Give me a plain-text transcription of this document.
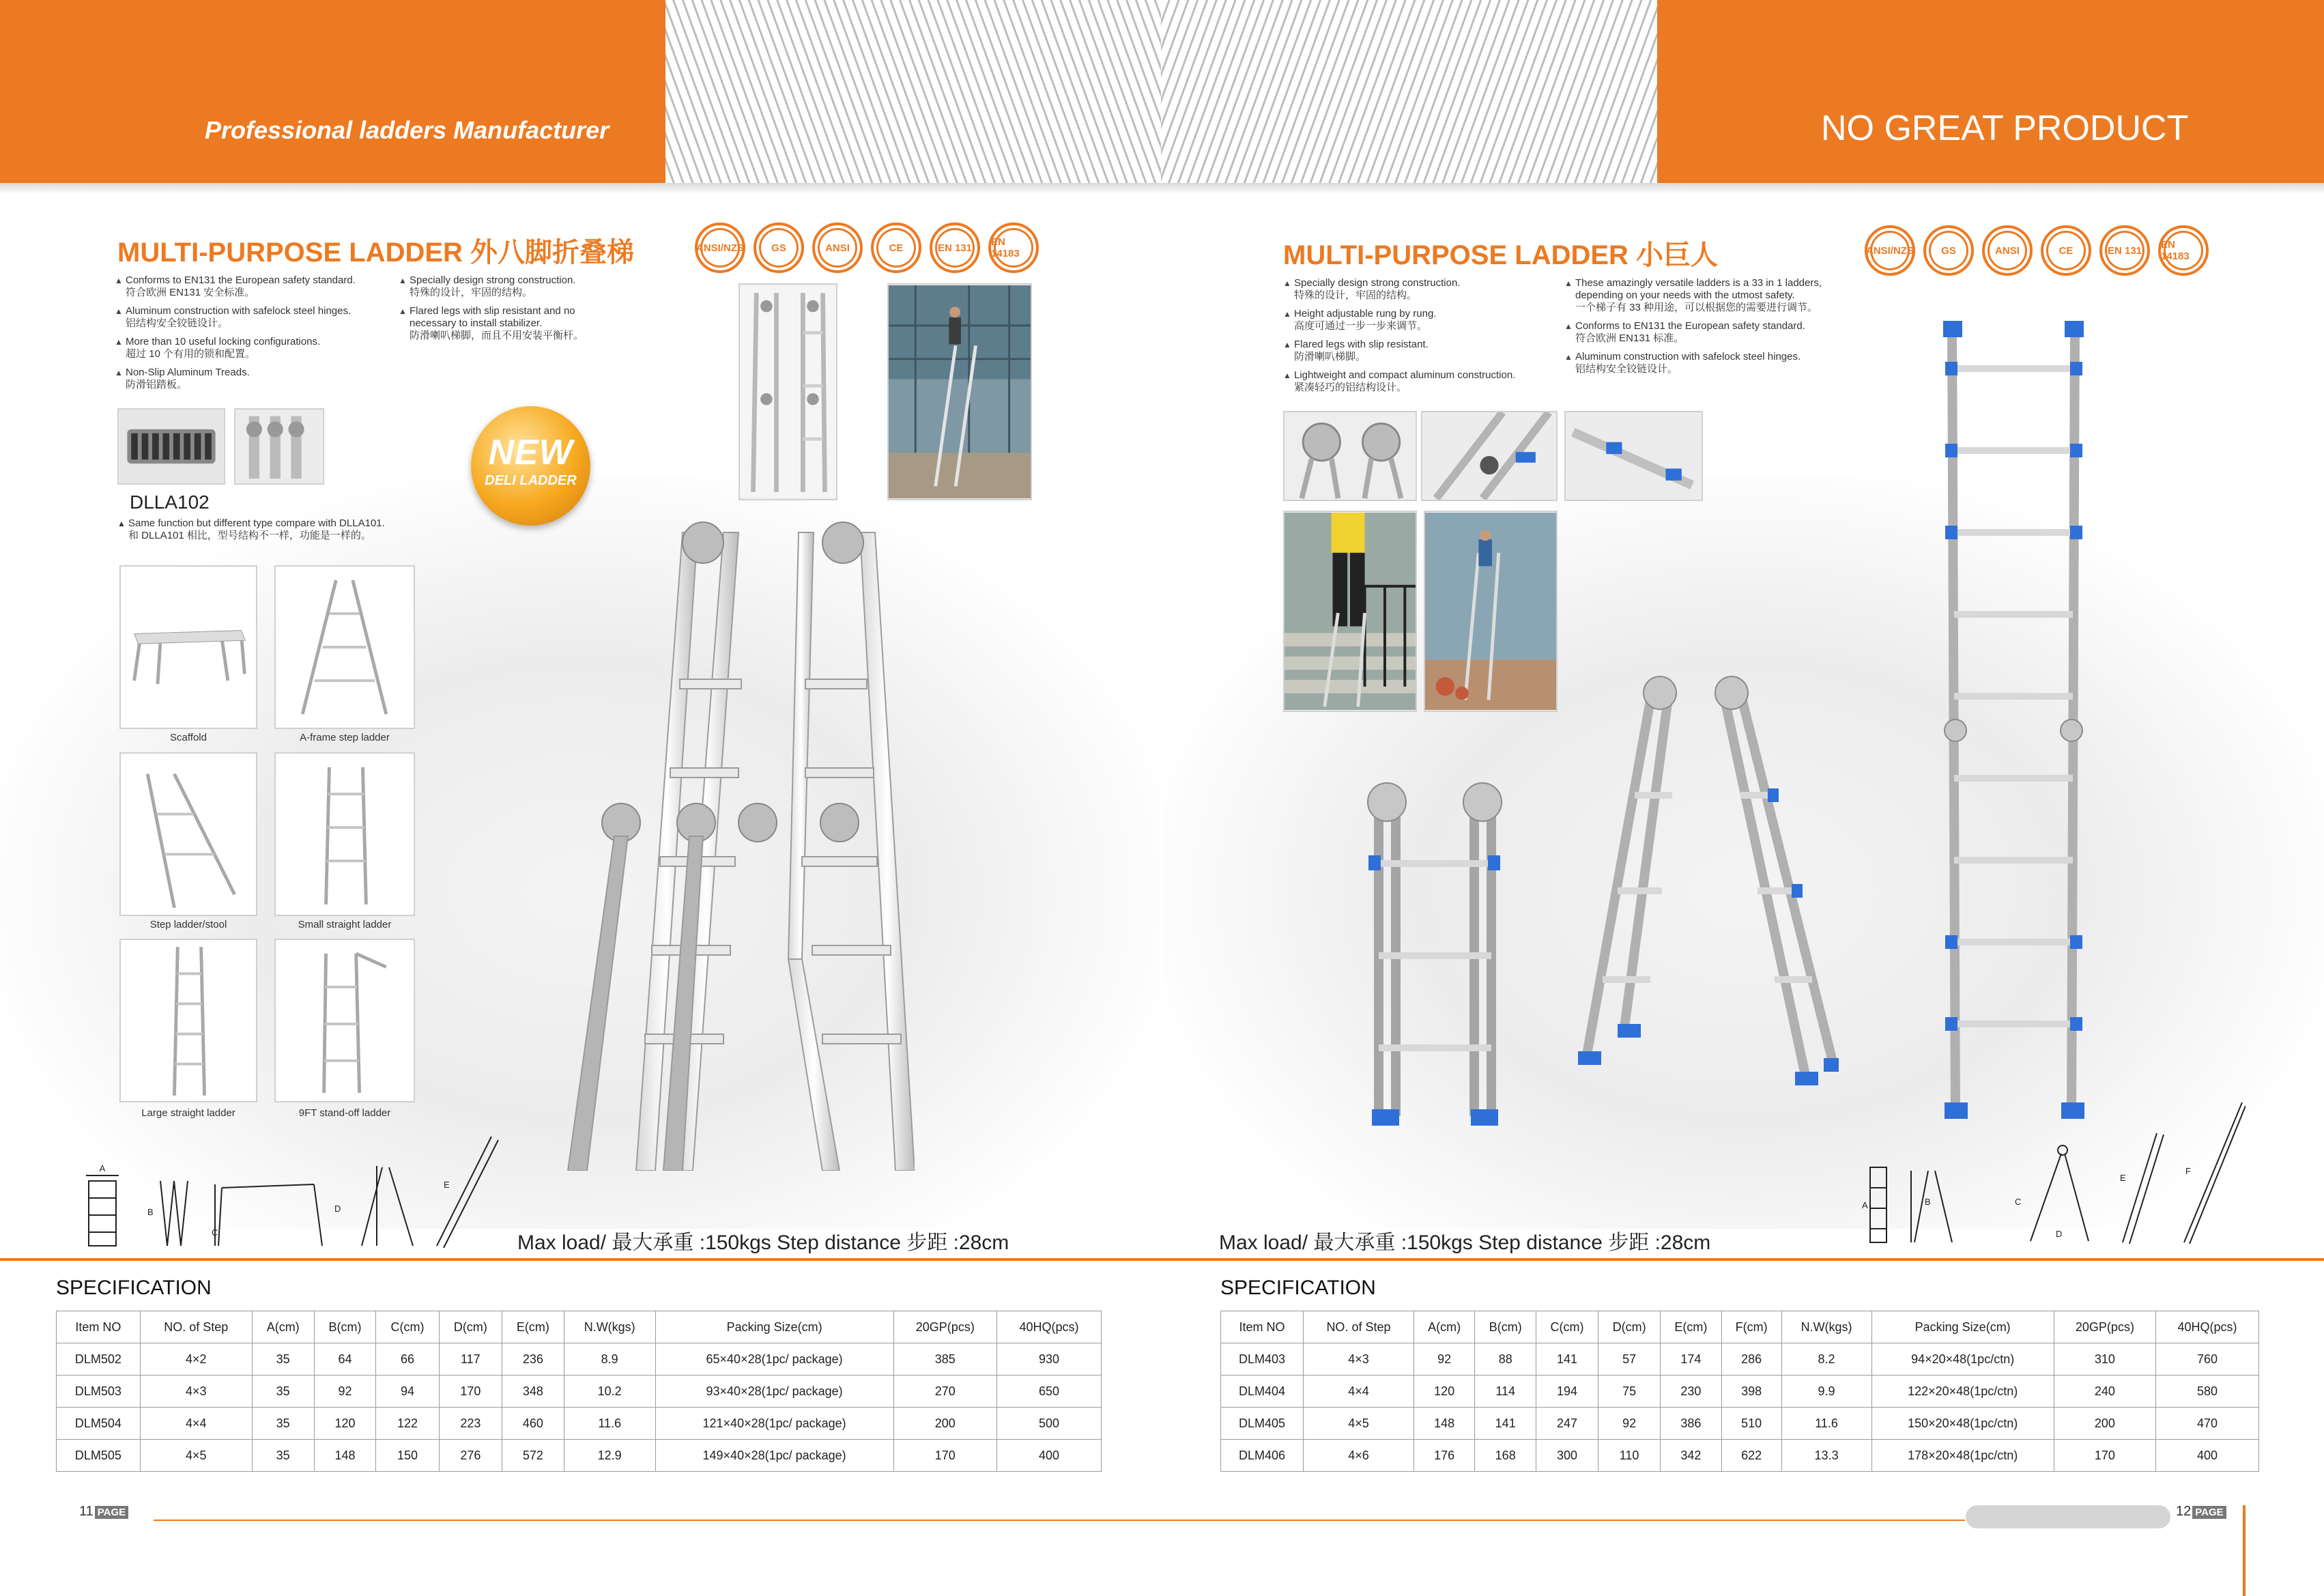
Professional ladders Manufacturer	NO GREAT PRODUCT
MULTI-PURPOSE LADDER 外八脚折叠梯	ANSI/NZS	GS	ANSI	CE	EN 131	EN 14183
▲ Conforms to EN131 the European safety standard.
符合欧洲 EN131 安全标准。
▲ Aluminum construction with safelock steel hinges.
铝结构安全铰链设计。
▲ More than 10 useful locking configurations.
超过 10 个有用的锁和配置。
▲ Non-Slip Aluminum Treads.
防滑铝踏板。
▲ Specially design strong construction.
特殊的设计，牢固的结构。
▲ Flared legs with slip resistant and no necessary to install stabilizer.
防滑喇叭梯脚，而且不用安装平衡杆。
DLLA102
▲ Same function but different type compare with DLLA101.
和 DLLA101 相比，型号结构不一样，功能是一样的。
NEW
DELI LADDER
Scaffold	A-frame step ladder
Step ladder/stool	Small straight ladder
Large straight ladder	9FT stand-off ladder
A
B
C
D
E
Max load/ 最大承重 :150kgs Step distance 步距 :28cm
SPECIFICATION
Item NO	NO. of Step	A(cm)	B(cm)	C(cm)	D(cm)	E(cm)	N.W(kgs)	Packing Size(cm)	20GP(pcs)	40HQ(pcs)
DLM502	4×2	35	64	66	117	236	8.9	65×40×28(1pc/ package)	385	930
DLM503	4×3	35	92	94	170	348	10.2	93×40×28(1pc/ package)	270	650
DLM504	4×4	35	120	122	223	460	11.6	121×40×28(1pc/ package)	200	500
DLM505	4×5	35	148	150	276	572	12.9	149×40×28(1pc/ package)	170	400
11 PAGE
MULTI-PURPOSE LADDER 小巨人	ANSI/NZS	GS	ANSI	CE	EN 131	EN 14183
▲ Specially design strong construction.
特殊的设计，牢固的结构。
▲ Height adjustable rung by rung.
高度可通过一步一步来调节。
▲ Flared legs with slip resistant.
防滑喇叭梯脚。
▲ Lightweight and compact aluminum construction.
紧凑轻巧的铝结构设计。
▲ These amazingly versatile ladders is a 33 in 1 ladders, depending on your needs with the utmost safety.
一个梯子有 33 种用途，可以根据您的需要进行调节。
▲ Conforms to EN131 the European safety standard.
符合欧洲 EN131 标准。
▲ Aluminum construction with safelock steel hinges.
铝结构安全铰链设计。
A	B	C
D
E
F
Max load/ 最大承重 :150kgs Step distance 步距 :28cm
SPECIFICATION
Item NO	NO. of Step	A(cm)	B(cm)	C(cm)	D(cm)	E(cm)	F(cm)	N.W(kgs)	Packing Size(cm)	20GP(pcs)	40HQ(pcs)
DLM403	4×3	92	88	141	57	174	286	8.2	94×20×48(1pc/ctn)	310	760
DLM404	4×4	120	114	194	75	230	398	9.9	122×20×48(1pc/ctn)	240	580
DLM405	4×5	148	141	247	92	386	510	11.6	150×20×48(1pc/ctn)	200	470
DLM406	4×6	176	168	300	110	342	622	13.3	178×20×48(1pc/ctn)	170	400
12 PAGE
